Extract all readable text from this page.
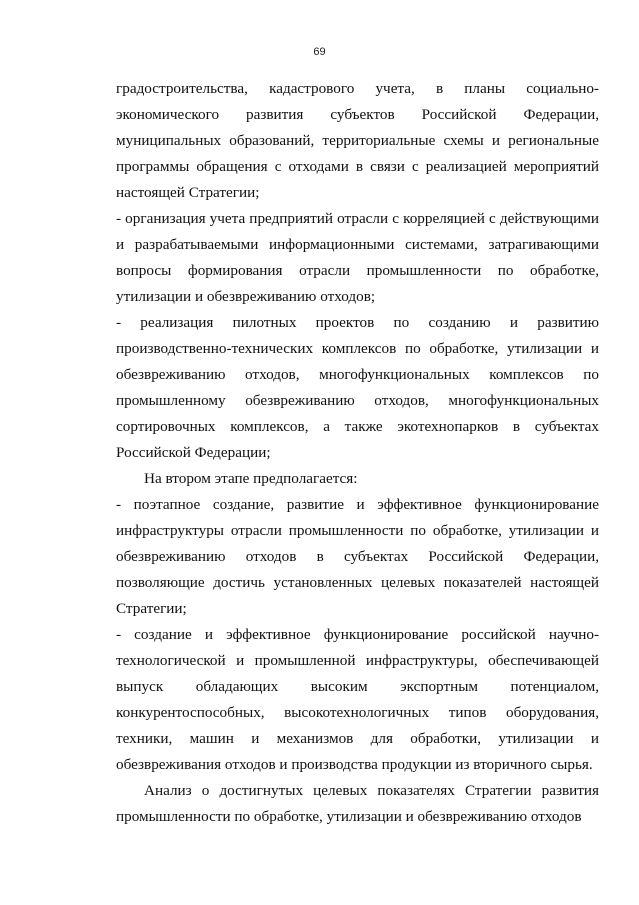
69

градостроительства, кадастрового учета, в планы социально-экономического развития субъектов Российской Федерации, муниципальных образований, территориальные схемы и региональные программы обращения с отходами в связи с реализацией мероприятий настоящей Стратегии;

- организация учета предприятий отрасли с корреляцией с действующими и разрабатываемыми информационными системами, затрагивающими вопросы формирования отрасли промышленности по обработке, утилизации и обезвреживанию отходов;

- реализация пилотных проектов по созданию и развитию производственно-технических комплексов по обработке, утилизации и обезвреживанию отходов, многофункциональных комплексов по промышленному обезвреживанию отходов, многофункциональных сортировочных комплексов, а также экотехнопарков в субъектах Российской Федерации;

На втором этапе предполагается:

- поэтапное создание, развитие и эффективное функционирование инфраструктуры отрасли промышленности по обработке, утилизации и обезвреживанию отходов в субъектах Российской Федерации, позволяющие достичь установленных целевых показателей настоящей Стратегии;

- создание и эффективное функционирование российской научно-технологической и промышленной инфраструктуры, обеспечивающей выпуск обладающих высоким экспортным потенциалом, конкурентоспособных, высокотехнологичных типов оборудования, техники, машин и механизмов для обработки, утилизации и обезвреживания отходов и производства продукции из вторичного сырья.

Анализ о достигнутых целевых показателях Стратегии развития промышленности по обработке, утилизации и обезвреживанию отходов
